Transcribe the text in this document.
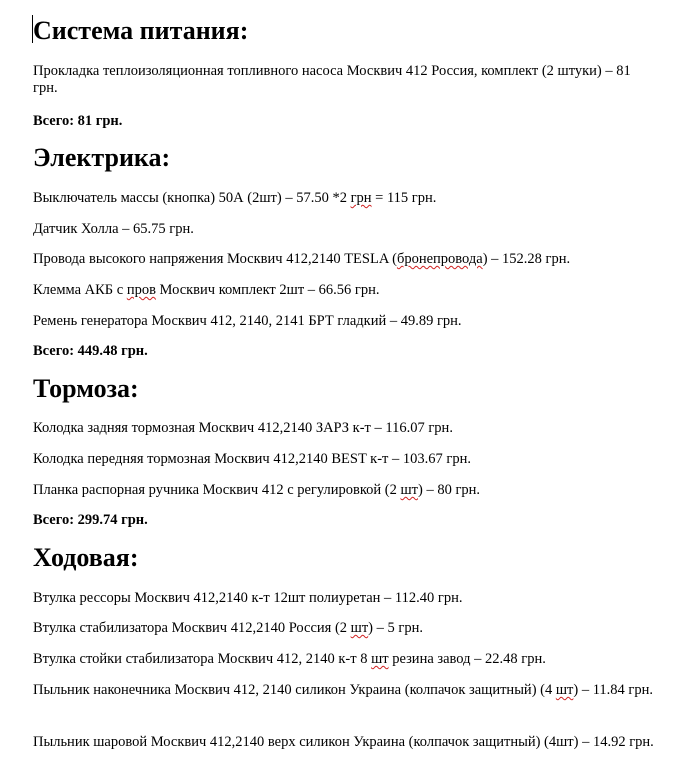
Система питания:

Прокладка теплоизоляционная топливного насоса Москвич 412 Россия, комплект (2 штуки) – 81 грн.

Всего: 81 грн.

Электрика:

Выключатель массы (кнопка) 50А (2шт) – 57.50 *2 грн = 115 грн.

Датчик Холла – 65.75 грн.

Провода высокого напряжения Москвич 412,2140 TESLA (бронепровода) – 152.28 грн.

Клемма АКБ с пров Москвич комплект 2шт – 66.56 грн.

Ремень генератора Москвич 412, 2140, 2141 БРТ гладкий – 49.89 грн.

Всего: 449.48 грн.

Тормоза:

Колодка задняя тормозная Москвич 412,2140 ЗАРЗ к-т – 116.07 грн.

Колодка передняя тормозная Москвич 412,2140 BEST к-т – 103.67 грн.

Планка распорная ручника Москвич 412 с регулировкой (2 шт) – 80 грн.

Всего: 299.74 грн.

Ходовая:

Втулка рессоры Москвич 412,2140 к-т 12шт полиуретан – 112.40 грн.

Втулка стабилизатора Москвич 412,2140 Россия (2 шт) – 5 грн.

Втулка стойки стабилизатора Москвич 412, 2140 к-т 8 шт резина завод – 22.48 грн.

Пыльник наконечника Москвич 412, 2140 силикон Украина (колпачок защитный) (4 шт) – 11.84 грн.

Пыльник шаровой Москвич 412,2140 верх силикон Украина (колпачок защитный) (4шт) – 14.92 грн.
